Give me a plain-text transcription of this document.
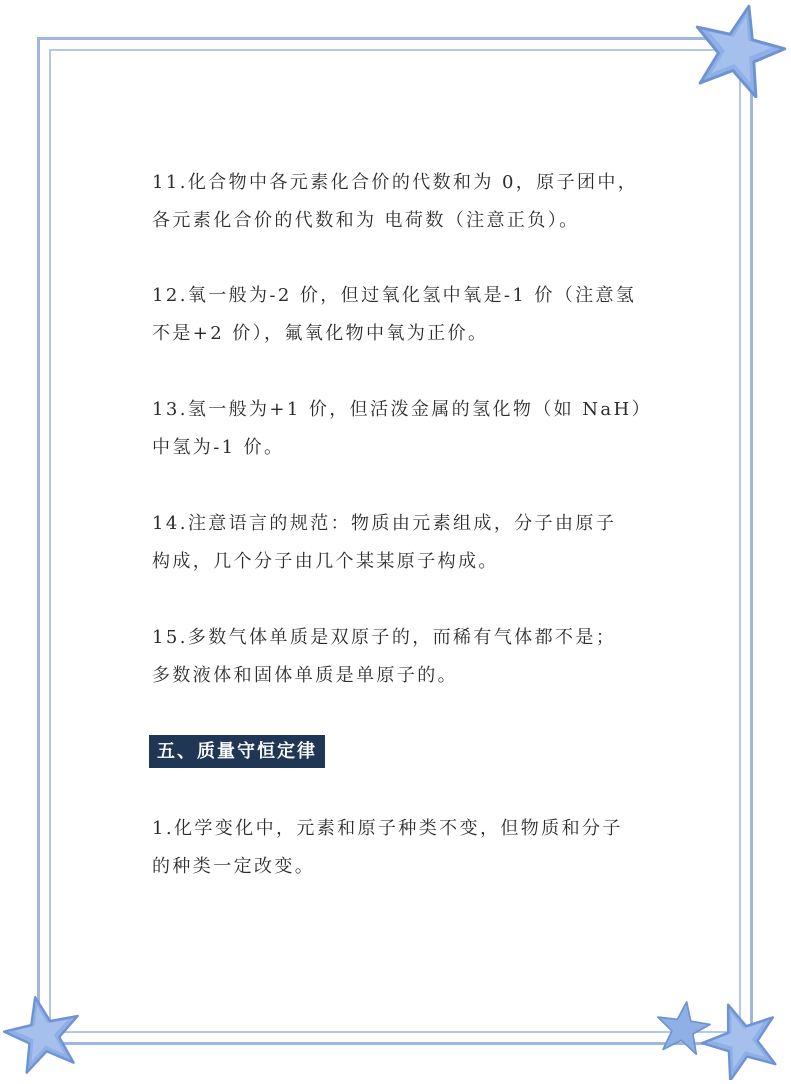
11.化合物中各元素化合价的代数和为 0，原子团中，
各元素化合价的代数和为 电荷数（注意正负）。
12.氧一般为-2 价，但过氧化氢中氧是-1 价（注意氢
不是+2 价），氟氧化物中氧为正价。
13.氢一般为+1 价，但活泼金属的氢化物（如 NaH）
中氢为-1 价。
14.注意语言的规范：物质由元素组成，分子由原子
构成，几个分子由几个某某原子构成。
15.多数气体单质是双原子的，而稀有气体都不是；
多数液体和固体单质是单原子的。
五、质量守恒定律
1.化学变化中，元素和原子种类不变，但物质和分子
的种类一定改变。
